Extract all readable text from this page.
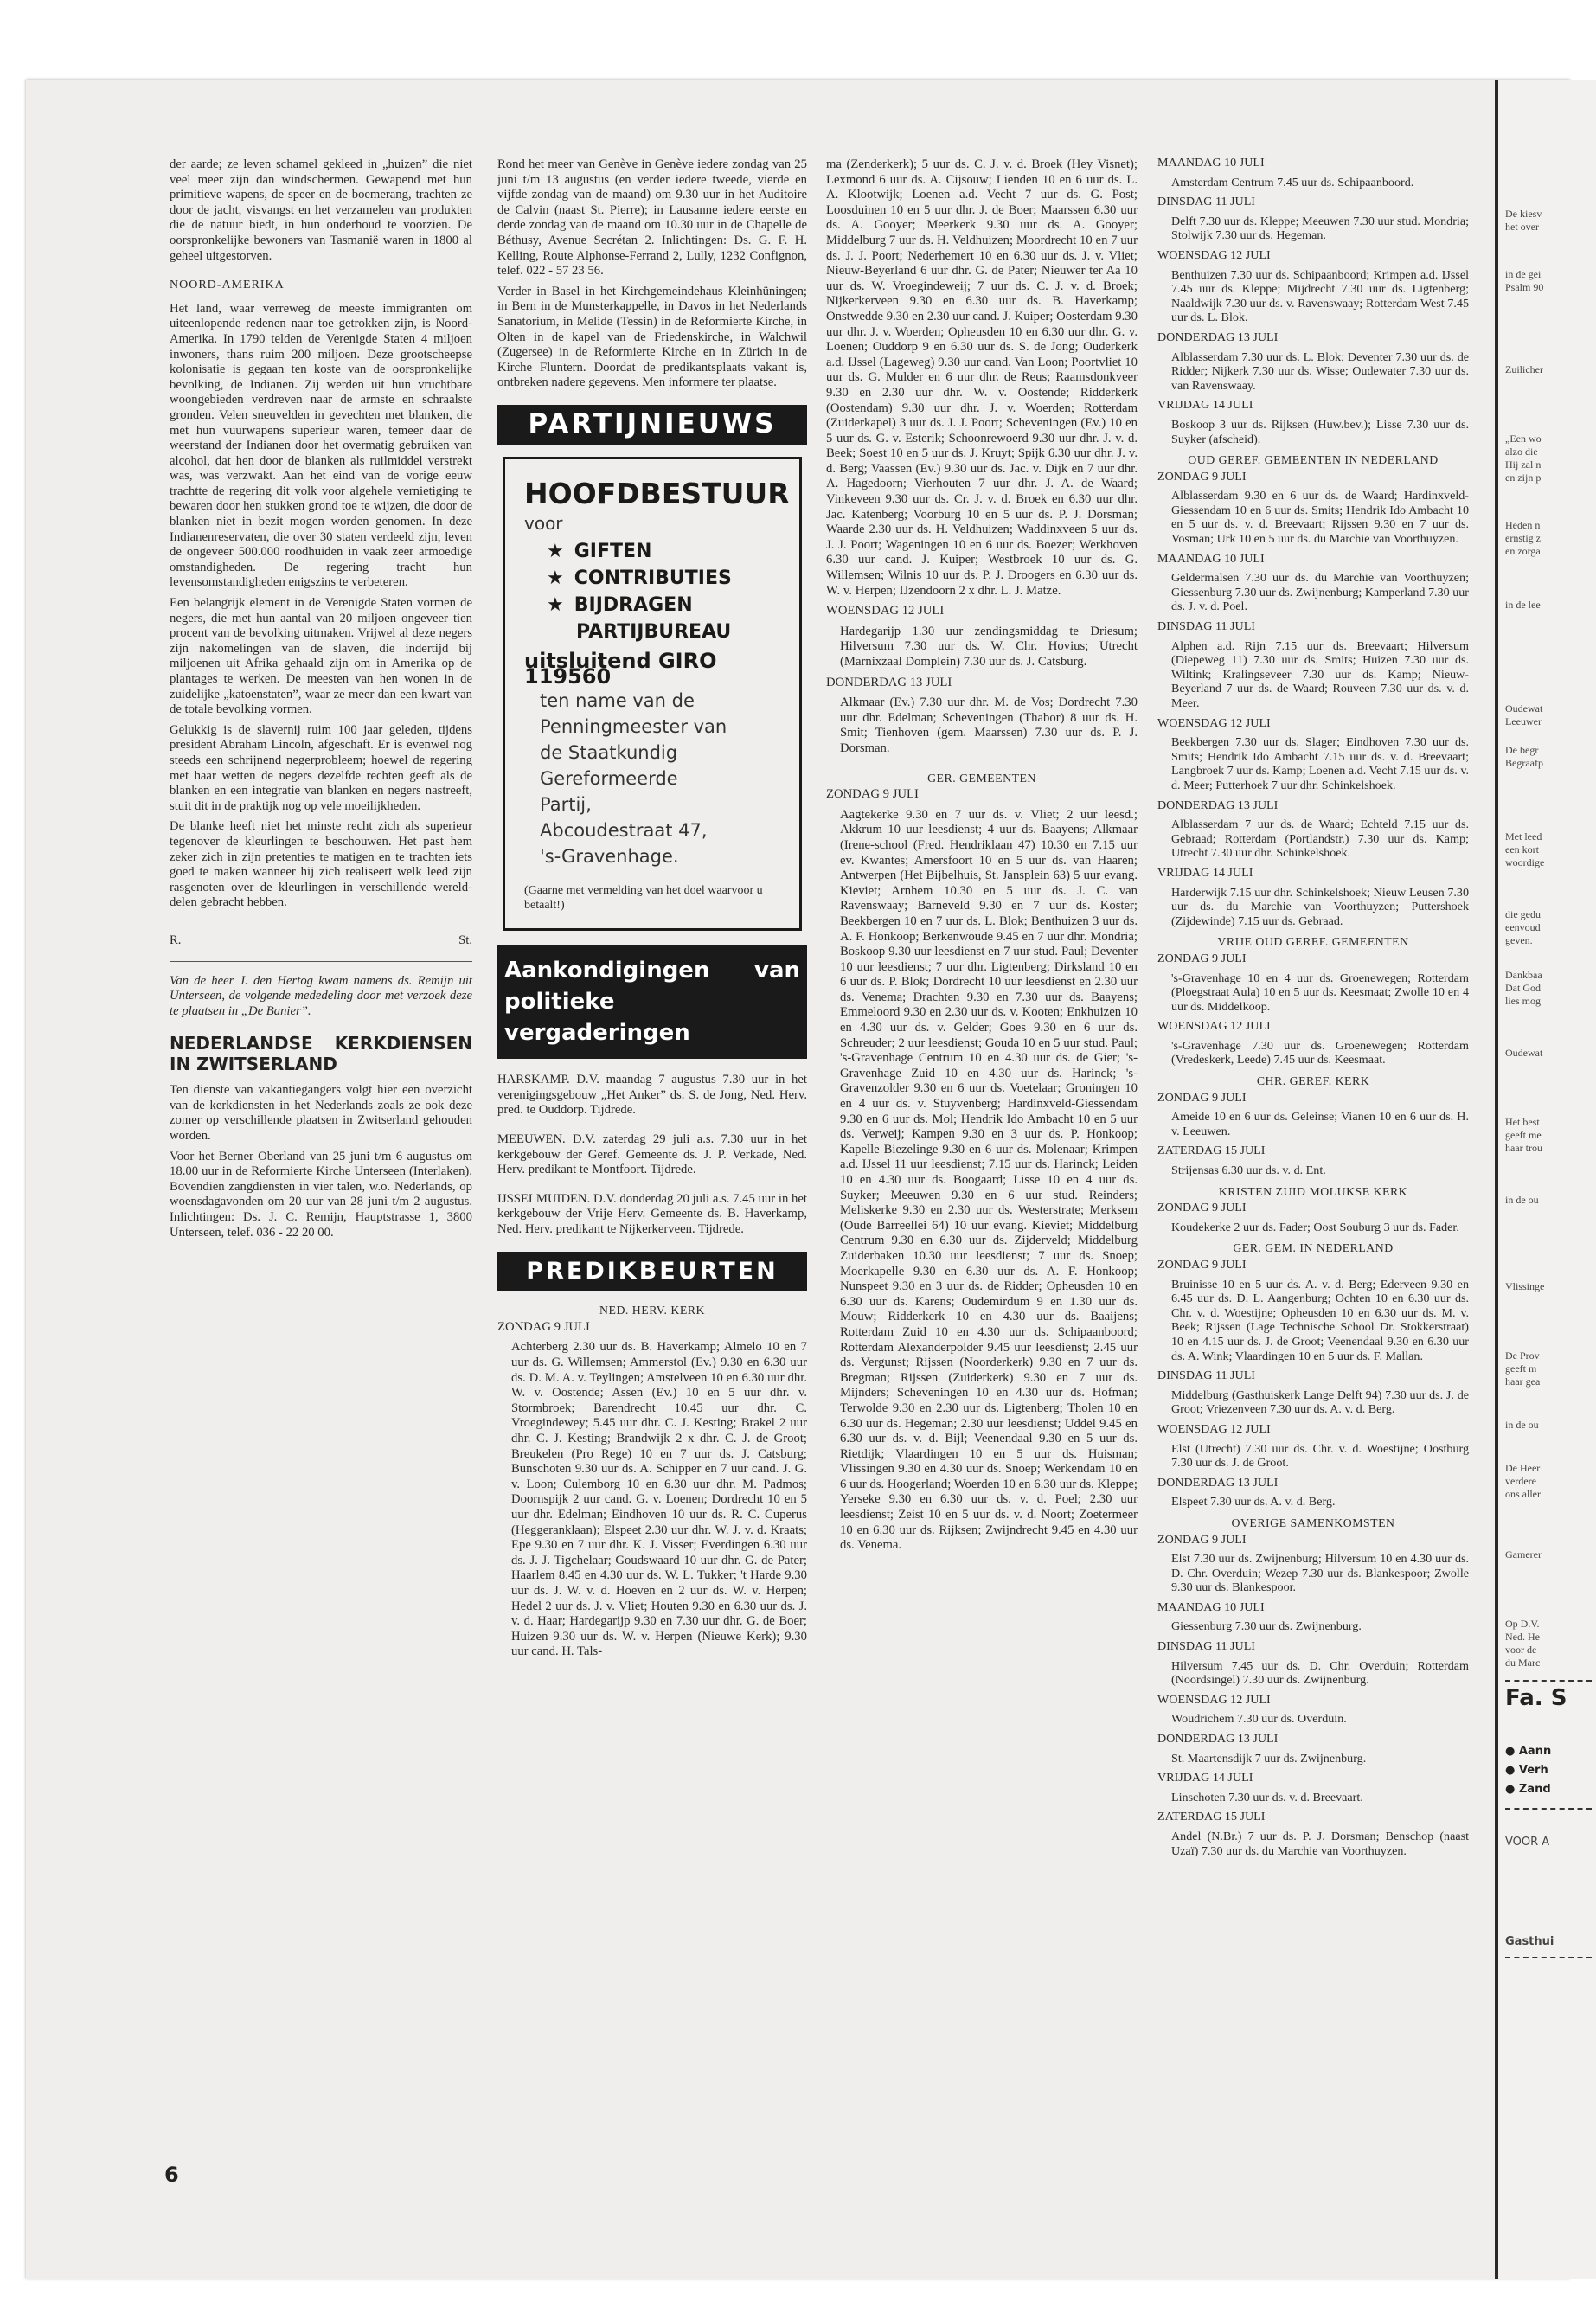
der aarde; ze leven schamel gekleed in „huizen” die niet veel meer zijn dan windschermen. Gewapend met hun primitieve wapens, de speer en de boemerang, trachten ze door de jacht, visvangst en het verzamelen van produkten die de natuur biedt, in hun onderhoud te voorzien. De oorspronkelijke bewoners van Tasmanië waren in 1800 al geheel uitgestorven.

NOORD-AMERIKA

Het land, waar verreweg de meeste immigranten om uiteenlopende redenen naar toe getrokken zijn, is Noord-Amerika. In 1790 telden de Verenigde Staten 4 miljoen inwoners, thans ruim 200 miljoen. Deze grootscheepse kolonisatie is gegaan ten koste van de oorspronkelijke bevolking, de Indianen. Zij werden uit hun vruchtbare woongebieden verdreven naar de armste en schraalste gronden. Velen sneuvelden in gevechten met blanken, die met hun vuurwapens superieur waren, temeer daar de weerstand der Indianen door het overmatig gebruiken van alcohol, dat hen door de blanken als ruilmiddel verstrekt was, was verzwakt. Aan het eind van de vorige eeuw trachtte de regering dit volk voor algehele vernietiging te bewaren door hen stukken grond toe te wijzen, die door de blanken niet in bezit mogen worden genomen. In deze Indianenreservaten, die over 30 staten verdeeld zijn, leven de ongeveer 500.000 roodhuiden in vaak zeer armoedige omstandigheden. De regering tracht hun levensomstandigheden enigszins te verbeteren.

Een belangrijk element in de Verenigde Staten vormen de negers, die met hun aantal van 20 miljoen ongeveer tien procent van de bevolking uitmaken. Vrijwel al deze negers zijn nakomelingen van de slaven, die indertijd bij miljoenen uit Afrika gehaald zijn om in Amerika op de plantages te werken. De meesten van hen wonen in de zuidelijke „katoenstaten”, waar ze meer dan een kwart van de totale bevolking vormen.

Gelukkig is de slavernij ruim 100 jaar geleden, tijdens president Abraham Lincoln, afgeschaft. Er is evenwel nog steeds een schrijnend negerprobleem; hoewel de regering met haar wetten de negers dezelfde rechten geeft als de blanken en een integratie van blanken en negers nastreeft, stuit dit in de praktijk nog op vele moeilijkheden.

De blanke heeft niet het minste recht zich als superieur tegenover de kleurlingen te beschouwen. Het past hem zeker zich in zijn pretenties te matigen en te trachten iets goed te maken wanneer hij zich realiseert welk leed zijn rasgenoten over de kleurlingen in verschillende wereld-delen gebracht hebben.

R.	St.

Van de heer J. den Hertog kwam namens ds. Remijn uit Unterseen, de volgende mededeling door met verzoek deze te plaatsen in „De Banier”.

NEDERLANDSE KERKDIENSEN IN ZWITSERLAND

Ten dienste van vakantiegangers volgt hier een overzicht van de kerkdiensten in het Nederlands zoals ze ook deze zomer op verschillende plaatsen in Zwitserland gehouden worden.

Voor het Berner Oberland van 25 juni t/m 6 augustus om 18.00 uur in de Reformierte Kirche Unterseen (Interlaken). Bovendien zangdiensten in vier talen, w.o. Nederlands, op woensdagavonden om 20 uur van 28 juni t/m 2 augustus. Inlichtingen: Ds. J. C. Remijn, Hauptstrasse 1, 3800 Unterseen, telef. 036 - 22 20 00.

Rond het meer van Genève in Genève iedere zondag van 25 juni t/m 13 augustus (en verder iedere tweede, vierde en vijfde zondag van de maand) om 9.30 uur in het Auditoire de Calvin (naast St. Pierre); in Lausanne iedere eerste en derde zondag van de maand om 10.30 uur in de Chapelle de Béthusy, Avenue Secrétan 2. Inlichtingen: Ds. G. F. H. Kelling, Route Alphonse-Ferrand 2, Lully, 1232 Confignon, telef. 022 - 57 23 56.

Verder in Basel in het Kirchgemeindehaus Kleinhüningen; in Bern in de Munsterkappelle, in Davos in het Nederlands Sanatorium, in Melide (Tessin) in de Reformierte Kirche, in Olten in de kapel van de Friedenskirche, in Walchwil (Zugersee) in de Reformierte Kirche en in Zürich in de Kirche Fluntern. Doordat de predikantsplaats vakant is, ontbreken nadere gegevens. Men informere ter plaatse.

PARTIJNIEUWS
HOOFDBESTUUR
voor
★ GIFTEN
★ CONTRIBUTIES
★ BIJDRAGEN PARTIJBUREAU
uitsluitend GIRO 119560
ten name van de
Penningmeester van
de Staatkundig
Gereformeerde
Partij,
Abcoudestraat 47,
's-Gravenhage.
(Gaarne met vermelding van het doel waarvoor u betaalt!)
Aankondigingen van politieke vergaderingen

HARSKAMP. D.V. maandag 7 augustus 7.30 uur in het verenigingsgebouw „Het Anker” ds. S. de Jong, Ned. Herv. pred. te Ouddorp. Tijdrede.

MEEUWEN. D.V. zaterdag 29 juli a.s. 7.30 uur in het kerkgebouw der Geref. Gemeente ds. J. P. Verkade, Ned. Herv. predikant te Montfoort. Tijdrede.

IJSSELMUIDEN. D.V. donderdag 20 juli a.s. 7.45 uur in het kerkgebouw der Vrije Herv. Gemeente ds. B. Haverkamp, Ned. Herv. predikant te Nijkerkerveen. Tijdrede.

PREDIKBEURTEN
NED. HERV. KERK

ZONDAG 9 JULI

Achterberg 2.30 uur ds. B. Haverkamp; Almelo 10 en 7 uur ds. G. Willemsen; Ammerstol (Ev.) 9.30 en 6.30 uur ds. D. M. A. v. Teylingen; Amstelveen 10 en 6.30 uur dhr. W. v. Oostende; Assen (Ev.) 10 en 5 uur dhr. v. Stormbroek; Barendrecht 10.45 uur dhr. C. Vroegindewey; 5.45 uur dhr. C. J. Kesting; Brakel 2 uur dhr. C. J. Kesting; Brandwijk 2 x dhr. C. J. de Groot; Breukelen (Pro Rege) 10 en 7 uur ds. J. Catsburg; Bunschoten 9.30 uur ds. A. Schipper en 7 uur cand. J. G. v. Loon; Culemborg 10 en 6.30 uur dhr. M. Padmos; Doornspijk 2 uur cand. G. v. Loenen; Dordrecht 10 en 5 uur dhr. Edelman; Eindhoven 10 uur ds. R. C. Cuperus (Heggeranklaan); Elspeet 2.30 uur dhr. W. J. v. d. Kraats; Epe 9.30 en 7 uur dhr. K. J. Visser; Everdingen 6.30 uur ds. J. J. Tigchelaar; Goudswaard 10 uur dhr. G. de Pater; Haarlem 8.45 en 4.30 uur ds. W. L. Tukker; 't Harde 9.30 uur ds. J. W. v. d. Hoeven en 2 uur ds. W. v. Herpen; Hedel 2 uur ds. J. v. Vliet; Houten 9.30 en 6.30 uur ds. J. v. d. Haar; Hardegarijp 9.30 en 7.30 uur dhr. G. de Boer; Huizen 9.30 uur ds. W. v. Herpen (Nieuwe Kerk); 9.30 uur cand. H. Tals-

ma (Zenderkerk); 5 uur ds. C. J. v. d. Broek (Hey Visnet); Lexmond 6 uur ds. A. Cijsouw; Lienden 10 en 6 uur ds. L. A. Klootwijk; Loenen a.d. Vecht 7 uur ds. G. Post; Loosduinen 10 en 5 uur dhr. J. de Boer; Maarssen 6.30 uur ds. A. Gooyer; Meerkerk 9.30 uur ds. A. Gooyer; Middelburg 7 uur ds. H. Veldhuizen; Moordrecht 10 en 7 uur ds. J. J. Poort; Nederhemert 10 en 6.30 uur ds. J. v. Vliet; Nieuw-Beyerland 6 uur dhr. G. de Pater; Nieuwer ter Aa 10 uur ds. W. Vroegindeweij; 7 uur ds. C. J. v. d. Broek; Nijkerkerveen 9.30 en 6.30 uur ds. B. Haverkamp; Onstwedde 9.30 en 2.30 uur cand. J. Kuiper; Oosterdam 9.30 uur dhr. J. v. Woerden; Opheusden 10 en 6.30 uur dhr. G. v. Loenen; Ouddorp 9 en 6.30 uur ds. S. de Jong; Ouderkerk a.d. IJssel (Lageweg) 9.30 uur cand. Van Loon; Poortvliet 10 uur ds. G. Mulder en 6 uur dhr. de Reus; Raamsdonkveer 9.30 en 2.30 uur dhr. W. v. Oostende; Ridderkerk (Oostendam) 9.30 uur dhr. J. v. Woerden; Rotterdam (Zuiderkapel) 3 uur ds. J. J. Poort; Scheveningen (Ev.) 10 en 5 uur ds. G. v. Esterik; Schoonrewoerd 9.30 uur dhr. J. v. d. Beek; Soest 10 en 5 uur ds. J. Kruyt; Spijk 6.30 uur dhr. J. v. d. Berg; Vaassen (Ev.) 9.30 uur ds. Jac. v. Dijk en 7 uur dhr. A. Hagedoorn; Vierhouten 7 uur dhr. J. A. de Waard; Vinkeveen 9.30 uur ds. Cr. J. v. d. Broek en 6.30 uur dhr. Jac. Katenberg; Voorburg 10 en 5 uur ds. P. J. Dorsman; Waarde 2.30 uur ds. H. Veldhuizen; Waddinxveen 5 uur ds. J. J. Poort; Wageningen 10 en 6 uur ds. Boezer; Werkhoven 6.30 uur cand. J. Kuiper; Westbroek 10 uur ds. G. Willemsen; Wilnis 10 uur ds. P. J. Droogers en 6.30 uur ds. W. v. Herpen; IJzendoorn 2 x dhr. L. J. Matze.

WOENSDAG 12 JULI

Hardegarijp 1.30 uur zendingsmiddag te Driesum; Hilversum 7.30 uur ds. W. Chr. Hovius; Utrecht (Marnixzaal Domplein) 7.30 uur ds. J. Catsburg.

DONDERDAG 13 JULI

Alkmaar (Ev.) 7.30 uur dhr. M. de Vos; Dordrecht 7.30 uur dhr. Edelman; Scheveningen (Thabor) 8 uur ds. H. Smit; Tienhoven (gem. Maarssen) 7.30 uur ds. P. J. Dorsman.

GER. GEMEENTEN

ZONDAG 9 JULI

Aagtekerke 9.30 en 7 uur ds. v. Vliet; 2 uur leesd.; Akkrum 10 uur leesdienst; 4 uur ds. Baayens; Alkmaar (Irene-school (Fred. Hendriklaan 47) 10.30 en 7.15 uur ev. Kwantes; Amersfoort 10 en 5 uur ds. van Haaren; Antwerpen (Het Bijbelhuis, St. Jansplein 63) 5 uur evang. Kieviet; Arnhem 10.30 en 5 uur ds. J. C. van Ravenswaay; Barneveld 9.30 en 7 uur ds. Koster; Beekbergen 10 en 7 uur ds. L. Blok; Benthuizen 3 uur ds. A. F. Honkoop; Berkenwoude 9.45 en 7 uur dhr. Mondria; Boskoop 9.30 uur leesdienst en 7 uur stud. Paul; Deventer 10 uur leesdienst; 7 uur dhr. Ligtenberg; Dirksland 10 en 6 uur ds. P. Blok; Dordrecht 10 uur leesdienst en 2.30 uur ds. Venema; Drachten 9.30 en 7.30 uur ds. Baayens; Emmeloord 9.30 en 2.30 uur ds. v. Kooten; Enkhuizen 10 en 4.30 uur ds. v. Gelder; Goes 9.30 en 6 uur ds. Schreuder; 2 uur leesdienst; Gouda 10 en 5 uur stud. Paul; 's-Gravenhage Centrum 10 en 4.30 uur ds. de Gier; 's-Gravenhage Zuid 10 en 4.30 uur ds. Harinck; 's-Gravenzolder 9.30 en 6 uur ds. Voetelaar; Groningen 10 en 4 uur ds. v. Stuyvenberg; Hardinxveld-Giessendam 9.30 en 6 uur ds. Mol; Hendrik Ido Ambacht 10 en 5 uur ds. Verweij; Kampen 9.30 en 3 uur ds. P. Honkoop; Kapelle Biezelinge 9.30 en 6 uur ds. Molenaar; Krimpen a.d. IJssel 11 uur leesdienst; 7.15 uur ds. Harinck; Leiden 10 en 4.30 uur ds. Boogaard; Lisse 10 en 4 uur ds. Suyker; Meeuwen 9.30 en 6 uur stud. Reinders; Meliskerke 9.30 en 2.30 uur ds. Westerstrate; Merksem (Oude Barreellei 64) 10 uur evang. Kieviet; Middelburg Centrum 9.30 en 6.30 uur ds. Zijderveld; Middelburg Zuiderbaken 10.30 uur leesdienst; 7 uur ds. Snoep; Moerkapelle 9.30 en 6.30 uur ds. A. F. Honkoop; Nunspeet 9.30 en 3 uur ds. de Ridder; Opheusden 10 en 6.30 uur ds. Karens; Oudemirdum 9 en 1.30 uur ds. Mouw; Ridderkerk 10 en 4.30 uur ds. Baaijens; Rotterdam Zuid 10 en 4.30 uur ds. Schipaanboord; Rotterdam Alexanderpolder 9.45 uur leesdienst; 2.45 uur ds. Vergunst; Rijssen (Noorderkerk) 9.30 en 7 uur ds. Bregman; Rijssen (Zuiderkerk) 9.30 en 7 uur ds. Mijnders; Scheveningen 10 en 4.30 uur ds. Hofman; Terwolde 9.30 en 2.30 uur ds. Ligtenberg; Tholen 10 en 6.30 uur ds. Hegeman; 2.30 uur leesdienst; Uddel 9.45 en 6.30 uur ds. v. d. Bijl; Veenendaal 9.30 en 5 uur ds. Rietdijk; Vlaardingen 10 en 5 uur ds. Huisman; Vlissingen 9.30 en 4.30 uur ds. Snoep; Werkendam 10 en 6 uur ds. Hoogerland; Woerden 10 en 6.30 uur ds. Kleppe; Yerseke 9.30 en 6.30 uur ds. v. d. Poel; 2.30 uur leesdienst; Zeist 10 en 5 uur ds. v. d. Noort; Zoetermeer 10 en 6.30 uur ds. Rijksen; Zwijndrecht 9.45 en 4.30 uur ds. Venema.

MAANDAG 10 JULI

Amsterdam Centrum 7.45 uur ds. Schipaanboord.

DINSDAG 11 JULI

Delft 7.30 uur ds. Kleppe; Meeuwen 7.30 uur stud. Mondria; Stolwijk 7.30 uur ds. Hegeman.

WOENSDAG 12 JULI

Benthuizen 7.30 uur ds. Schipaanboord; Krimpen a.d. IJssel 7.45 uur ds. Kleppe; Mijdrecht 7.30 uur ds. Ligtenberg; Naaldwijk 7.30 uur ds. v. Ravenswaay; Rotterdam West 7.45 uur ds. L. Blok.

DONDERDAG 13 JULI

Alblasserdam 7.30 uur ds. L. Blok; Deventer 7.30 uur ds. de Ridder; Nijkerk 7.30 uur ds. Wisse; Oudewater 7.30 uur ds. van Ravenswaay.

VRIJDAG 14 JULI

Boskoop 3 uur ds. Rijksen (Huw.bev.); Lisse 7.30 uur ds. Suyker (afscheid).

OUD GEREF. GEMEENTEN IN NEDERLAND

ZONDAG 9 JULI

Alblasserdam 9.30 en 6 uur ds. de Waard; Hardinxveld-Giessendam 10 en 6 uur ds. Smits; Hendrik Ido Ambacht 10 en 5 uur ds. v. d. Breevaart; Rijssen 9.30 en 7 uur ds. Vosman; Urk 10 en 5 uur ds. du Marchie van Voorthuyzen.

MAANDAG 10 JULI

Geldermalsen 7.30 uur ds. du Marchie van Voorthuyzen; Giessenburg 7.30 uur ds. Zwijnenburg; Kamperland 7.30 uur ds. J. v. d. Poel.

DINSDAG 11 JULI

Alphen a.d. Rijn 7.15 uur ds. Breevaart; Hilversum (Diepeweg 11) 7.30 uur ds. Smits; Huizen 7.30 uur ds. Wiltink; Kralingseveer 7.30 uur ds. Kamp; Nieuw-Beyerland 7 uur ds. de Waard; Rouveen 7.30 uur ds. v. d. Meer.

WOENSDAG 12 JULI

Beekbergen 7.30 uur ds. Slager; Eindhoven 7.30 uur ds. Smits; Hendrik Ido Ambacht 7.15 uur ds. v. d. Breevaart; Langbroek 7 uur ds. Kamp; Loenen a.d. Vecht 7.15 uur ds. v. d. Meer; Putterhoek 7 uur dhr. Schinkelshoek.

DONDERDAG 13 JULI

Alblasserdam 7 uur ds. de Waard; Echteld 7.15 uur ds. Gebraad; Rotterdam (Portlandstr.) 7.30 uur ds. Kamp; Utrecht 7.30 uur dhr. Schinkelshoek.

VRIJDAG 14 JULI

Harderwijk 7.15 uur dhr. Schinkelshoek; Nieuw Leusen 7.30 uur ds. du Marchie van Voorthuyzen; Puttershoek (Zijdewinde) 7.15 uur ds. Gebraad.

VRIJE OUD GEREF. GEMEENTEN

ZONDAG 9 JULI

's-Gravenhage 10 en 4 uur ds. Groenewegen; Rotterdam (Ploegstraat Aula) 10 en 5 uur ds. Keesmaat; Zwolle 10 en 4 uur ds. Middelkoop.

WOENSDAG 12 JULI

's-Gravenhage 7.30 uur ds. Groenewegen; Rotterdam (Vredeskerk, Leede) 7.45 uur ds. Keesmaat.

CHR. GEREF. KERK

ZONDAG 9 JULI

Ameide 10 en 6 uur ds. Geleinse; Vianen 10 en 6 uur ds. H. v. Leeuwen.

ZATERDAG 15 JULI

Strijensas 6.30 uur ds. v. d. Ent.

KRISTEN ZUID MOLUKSE KERK

ZONDAG 9 JULI

Koudekerke 2 uur ds. Fader; Oost Souburg 3 uur ds. Fader.

GER. GEM. IN NEDERLAND

ZONDAG 9 JULI

Bruinisse 10 en 5 uur ds. A. v. d. Berg; Ederveen 9.30 en 6.45 uur ds. D. L. Aangenburg; Ochten 10 en 6.30 uur ds. Chr. v. d. Woestijne; Opheusden 10 en 6.30 uur ds. M. v. Beek; Rijssen (Lage Technische School Dr. Stokkerstraat) 10 en 4.15 uur ds. J. de Groot; Veenendaal 9.30 en 6.30 uur ds. A. Wink; Vlaardingen 10 en 5 uur ds. F. Mallan.

DINSDAG 11 JULI

Middelburg (Gasthuiskerk Lange Delft 94) 7.30 uur ds. J. de Groot; Vriezenveen 7.30 uur ds. A. v. d. Berg.

WOENSDAG 12 JULI

Elst (Utrecht) 7.30 uur ds. Chr. v. d. Woestijne; Oostburg 7.30 uur ds. J. de Groot.

DONDERDAG 13 JULI

Elspeet 7.30 uur ds. A. v. d. Berg.

OVERIGE SAMENKOMSTEN

ZONDAG 9 JULI

Elst 7.30 uur ds. Zwijnenburg; Hilversum 10 en 4.30 uur ds. D. Chr. Overduin; Wezep 7.30 uur ds. Blankespoor; Zwolle 9.30 uur ds. Blankespoor.

MAANDAG 10 JULI

Giessenburg 7.30 uur ds. Zwijnenburg.

DINSDAG 11 JULI

Hilversum 7.45 uur ds. D. Chr. Overduin; Rotterdam (Noordsingel) 7.30 uur ds. Zwijnenburg.

WOENSDAG 12 JULI

Woudrichem 7.30 uur ds. Overduin.

DONDERDAG 13 JULI

St. Maartensdijk 7 uur ds. Zwijnenburg.

VRIJDAG 14 JULI

Linschoten 7.30 uur ds. v. d. Breevaart.

ZATERDAG 15 JULI

Andel (N.Br.) 7 uur ds. P. J. Dorsman; Benschop (naast Uzaï) 7.30 uur ds. du Marchie van Voorthuyzen.

De kiesv
het over
in de gei
Psalm 90
Zuilicher
„Een wo
alzo die
Hij zal n
en zijn p
Heden n
ernstig z
en zorga
in de lee
Oudewat
Leeuwer
De begr
Begraafp
Met leed
een kort
woordige
die gedu
eenvoud
geven.
Dankbaa
Dat God
lies mog
Oudewat
Het best
geeft me
haar trou
in de ou
Vlissinge
De Prov
geeft m
haar gea
in de ou
De Heer
verdere
ons aller
Gamerer
Op D.V.
Ned. He
voor de
du Marc
Fa. S
● Aann
● Verh
● Zand
VOOR A
Gasthui
6
